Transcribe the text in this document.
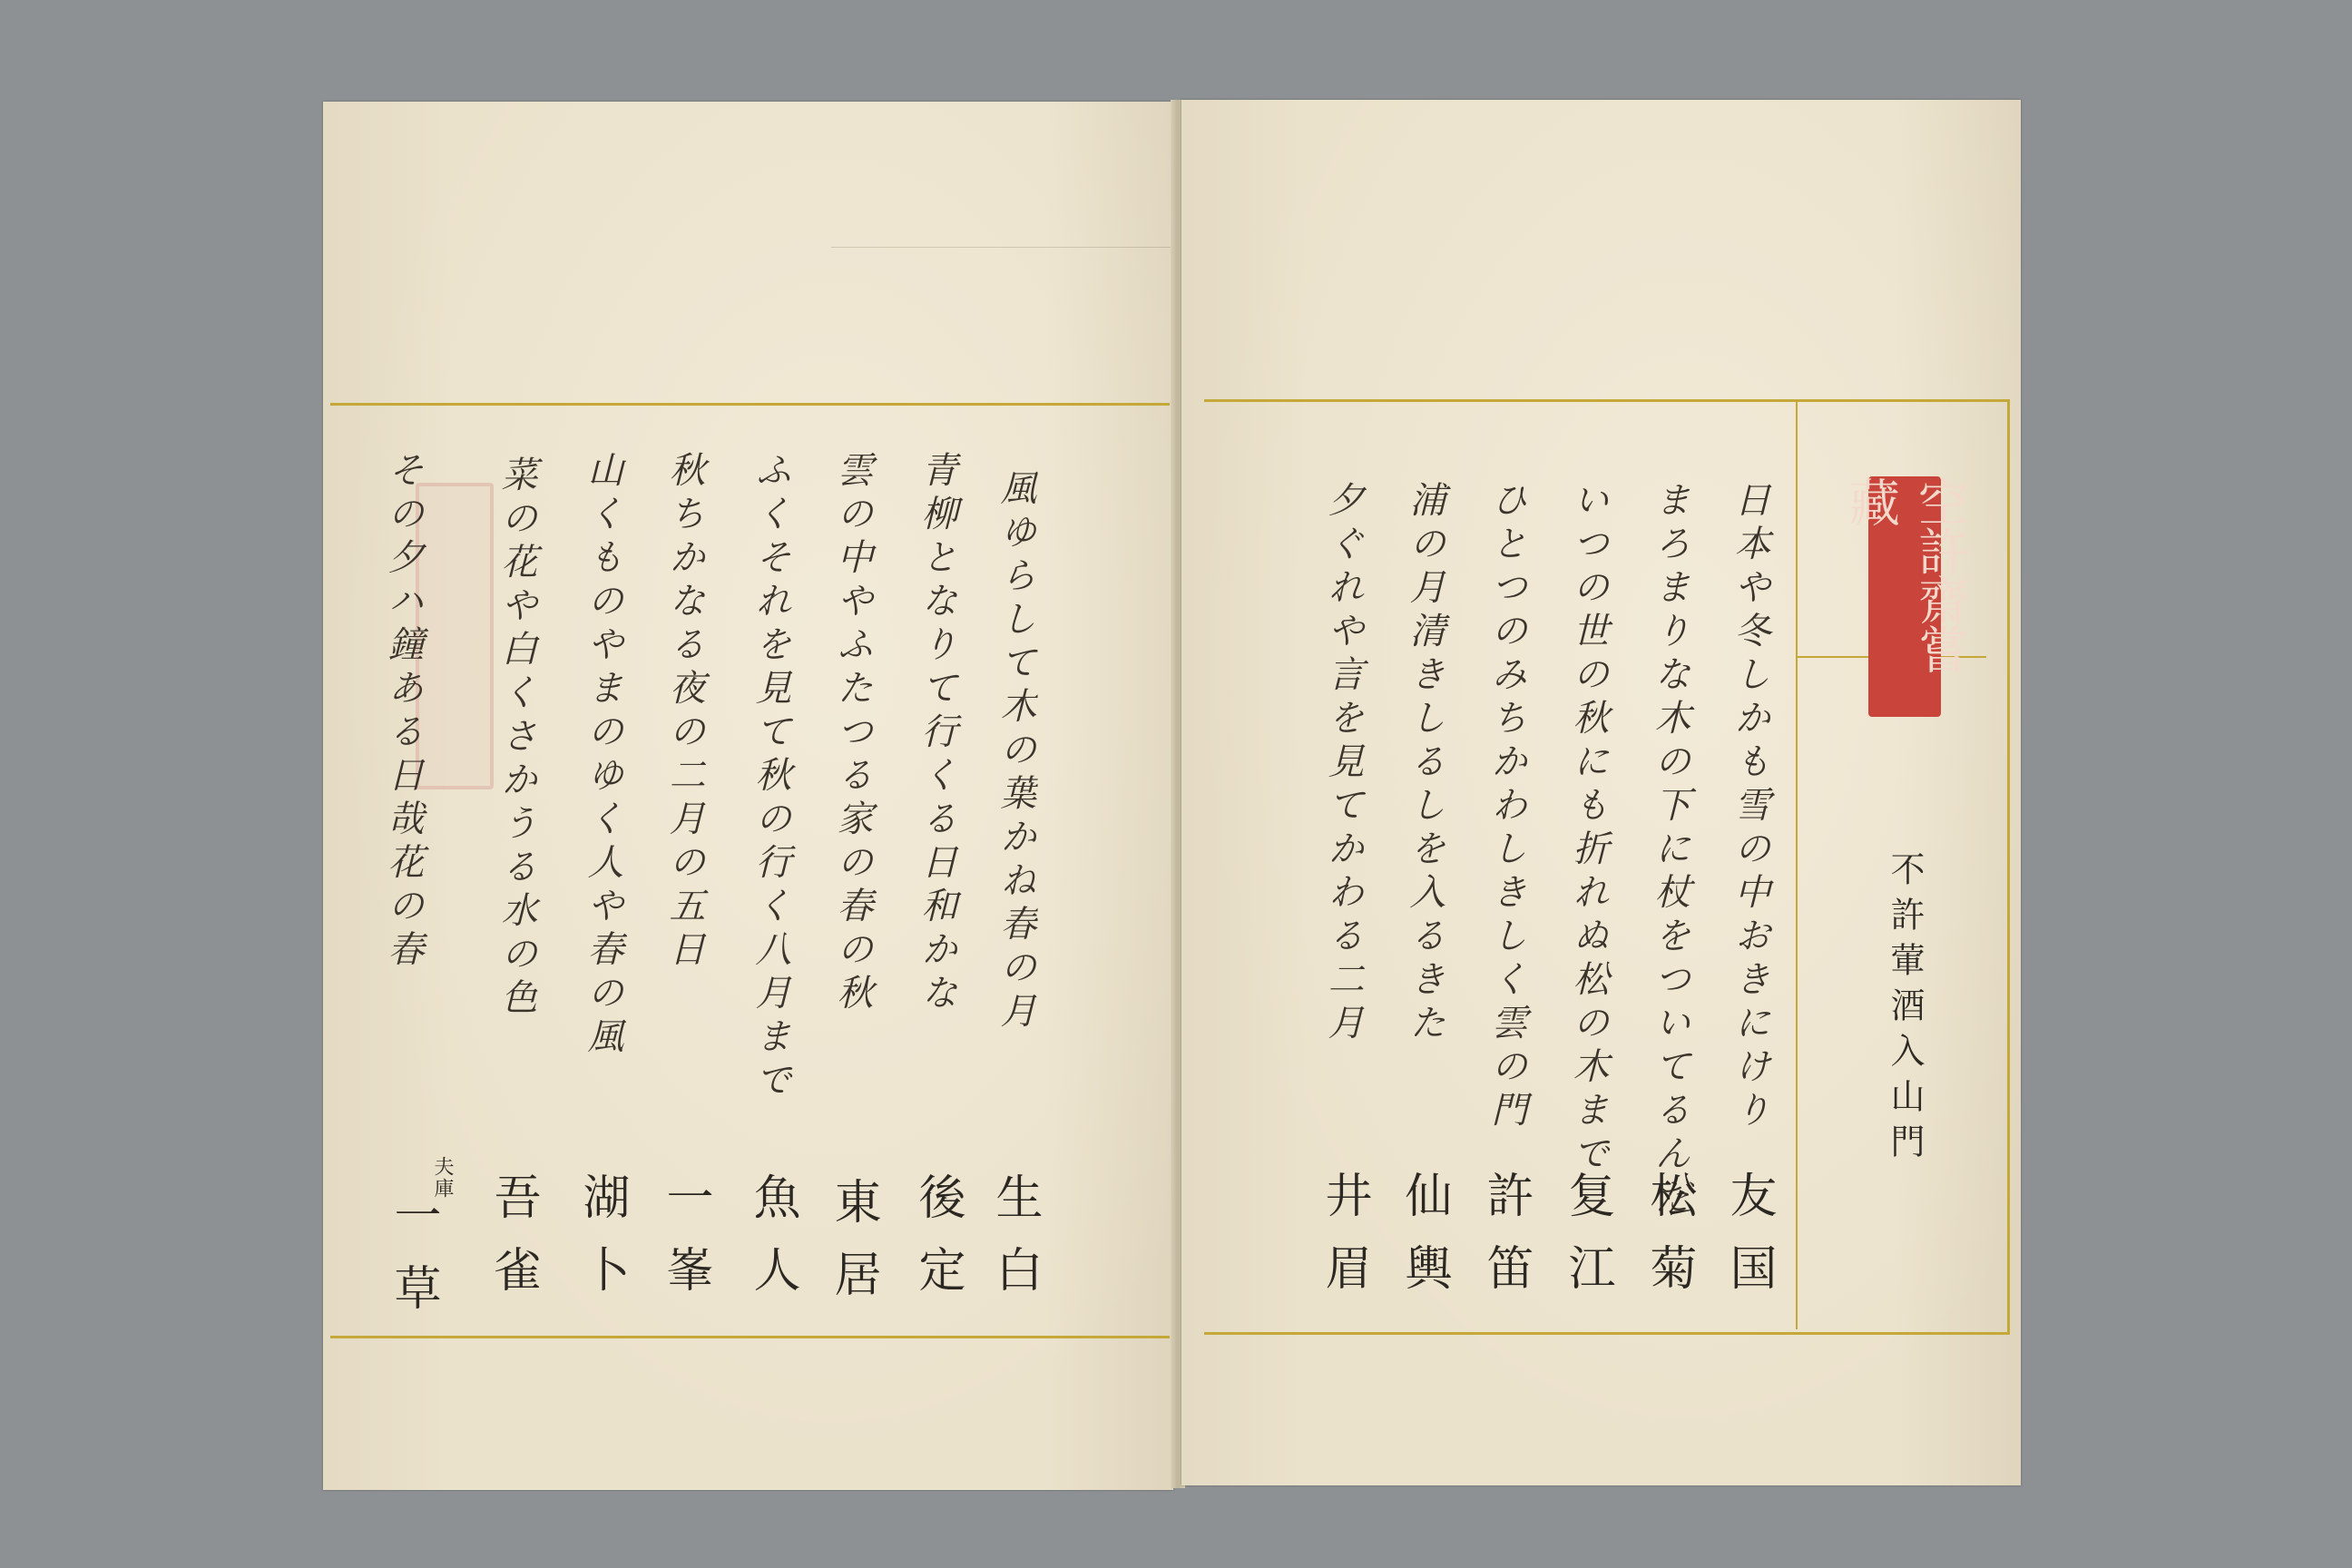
風ゆらして木の葉かね春の月
青柳となりて行くる日和かな
雲の中やふたつる家の春の秋
ふくそれを見て秋の行く八月まで
秋ちかなる夜の二月の五日
山くものやまのゆく人や春の風
菜の花や白くさかうる水の色
その夕ハ鐘ある日哉花の春
生白
後定
東居
魚人
一峯
湖卜
吾雀
夫庫
一草
空許齋嘗藏
不許葷酒入山門
日本や冬しかも雪の中おきにけり
まろまりな木の下に杖をついてるんだ
いつの世の秋にも折れぬ松の木まで
ひとつのみちかわしきしく雲の門
浦の月清きしるしを入るきた
夕ぐれや言を見てかわる二月
友国
松菊
复江
許笛
仙輿
井眉
